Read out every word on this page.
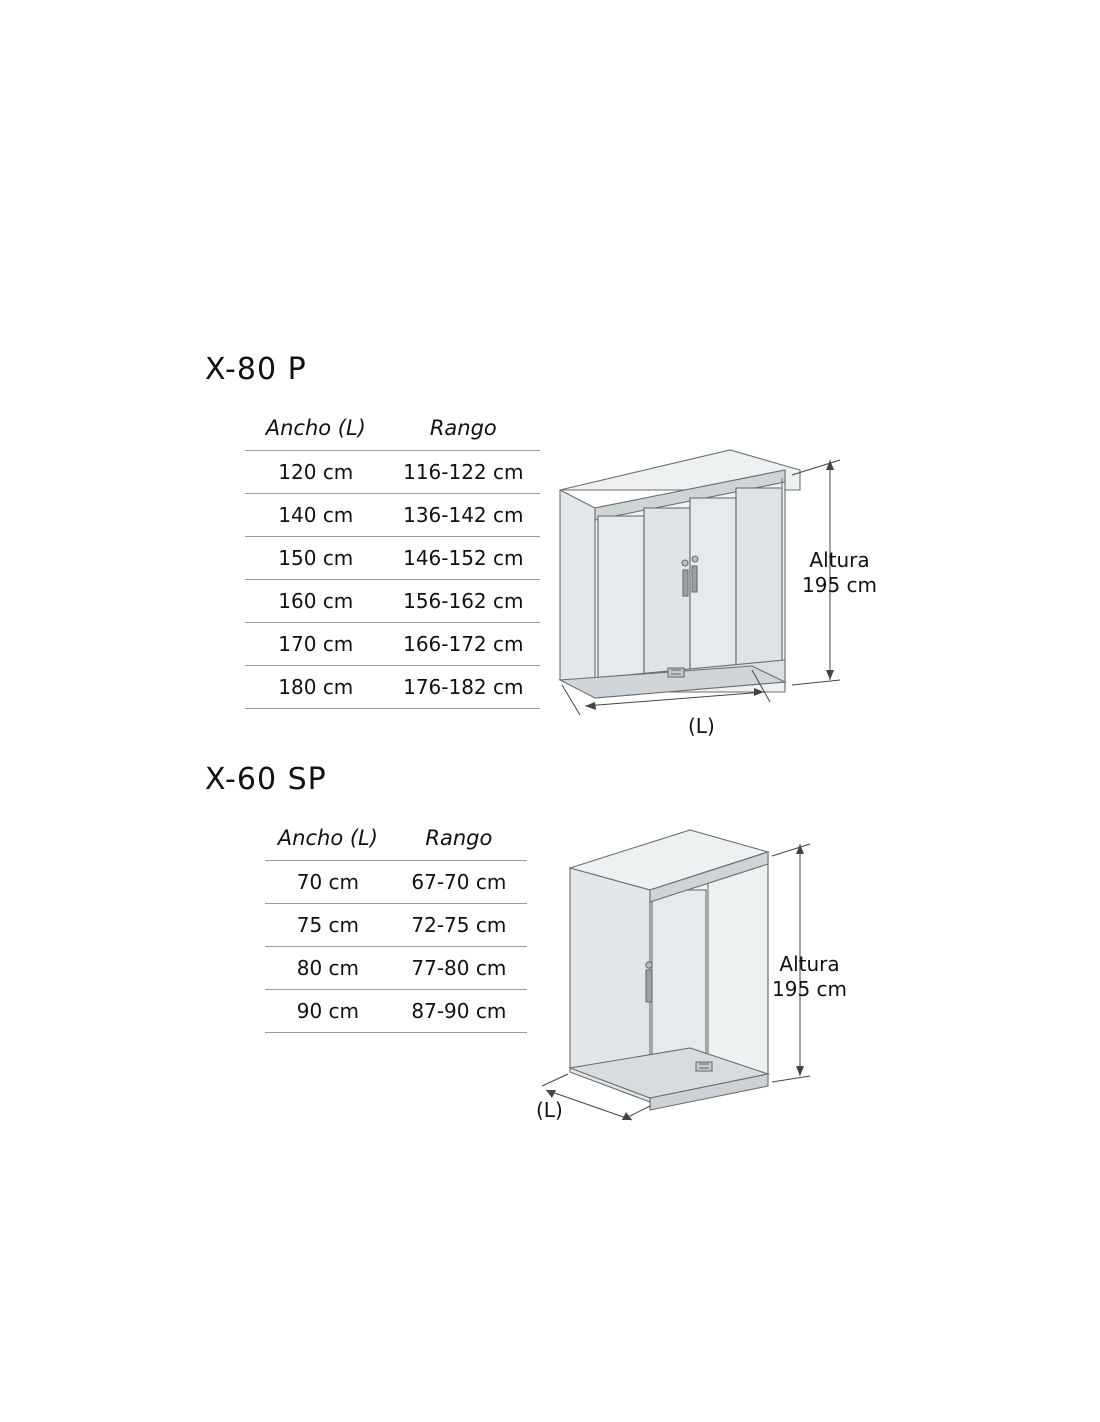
X-80 P
Ancho (L)	Rango
120 cm	116-122 cm
140 cm	136-142 cm
150 cm	146-152 cm
160 cm	156-162 cm
170 cm	166-172 cm
180 cm	176-182 cm
Altura
195 cm
(L)
X-60 SP
Ancho (L)	Rango
70 cm	67-70 cm
75 cm	72-75 cm
80 cm	77-80 cm
90 cm	87-90 cm
Altura
195 cm
(L)
